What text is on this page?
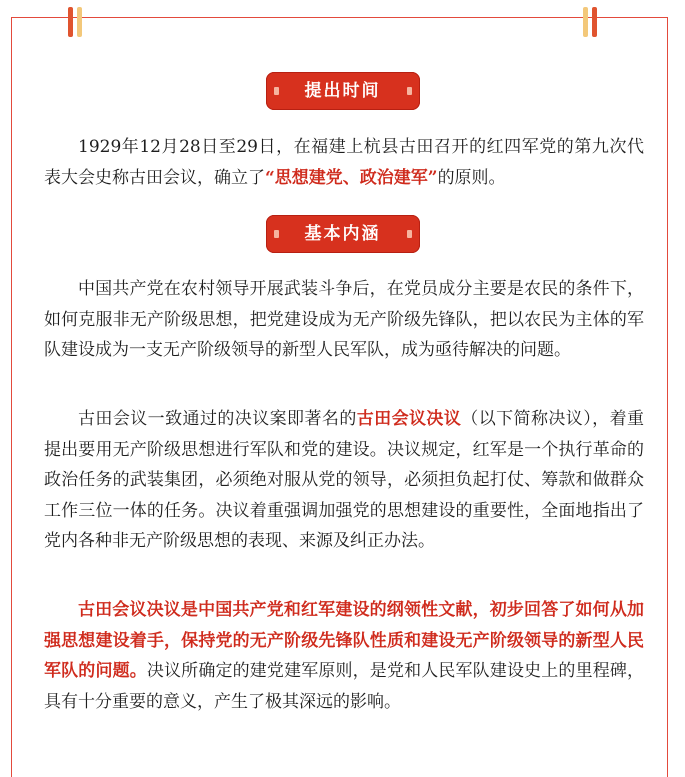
提出时间

1929年12月28日至29日，在福建上杭县古田召开的红四军党的第九次代表大会史称古田会议，确立了“思想建党、政治建军”的原则。

基本内涵

中国共产党在农村领导开展武装斗争后，在党员成分主要是农民的条件下，如何克服非无产阶级思想，把党建设成为无产阶级先锋队，把以农民为主体的军队建设成为一支无产阶级领导的新型人民军队，成为亟待解决的问题。

古田会议一致通过的决议案即著名的古田会议决议（以下简称决议），着重提出要用无产阶级思想进行军队和党的建设。决议规定，红军是一个执行革命的政治任务的武装集团，必须绝对服从党的领导，必须担负起打仗、筹款和做群众工作三位一体的任务。决议着重强调加强党的思想建设的重要性，全面地指出了党内各种非无产阶级思想的表现、来源及纠正办法。

古田会议决议是中国共产党和红军建设的纲领性文献，初步回答了如何从加强思想建设着手，保持党的无产阶级先锋队性质和建设无产阶级领导的新型人民军队的问题。决议所确定的建党建军原则，是党和人民军队建设史上的里程碑，具有十分重要的意义，产生了极其深远的影响。
